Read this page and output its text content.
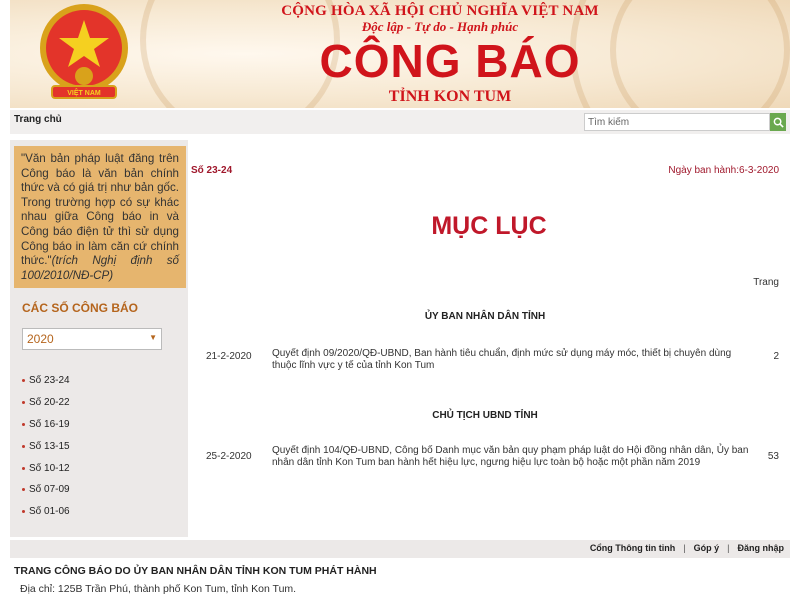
VIỆT NAM
CỘNG HÒA XÃ HỘI CHỦ NGHĨA VIỆT NAM
Độc lập - Tự do - Hạnh phúc
CÔNG BÁO
TỈNH KON TUM
Trang chủ
Tìm kiếm
"Văn bản pháp luật đăng trên Công báo là văn bản chính thức và có giá trị như bản gốc. Trong trường hợp có sự khác nhau giữa Công báo in và Công báo điện tử thì sử dụng Công báo in làm căn cứ chính thức."(trích Nghị định số 100/2010/NĐ-CP)
CÁC SỐ CÔNG BÁO
2020	▼
Số 23-24
Số 20-22
Số 16-19
Số 13-15
Số 10-12
Số 07-09
Số 01-06
Số 23-24	Ngày ban hành:6-3-2020
MỤC LỤC
Trang
ỦY BAN NHÂN DÂN TỈNH
21-2-2020 Quyết định 09/2020/QĐ-UBND, Ban hành tiêu chuẩn, định mức sử dụng máy móc, thiết bị chuyên dùng thuộc lĩnh vực y tế của tỉnh Kon Tum
2
CHỦ TỊCH UBND TỈNH
25-2-2020
Quyết định 104/QĐ-UBND, Công bố Danh mục văn bản quy phạm pháp luật do Hội đồng nhân dân, Ủy ban nhân dân tỉnh Kon Tum ban hành hết hiệu lực, ngưng hiệu lực toàn bộ hoặc một phần năm 2019
53
Cổng Thông tin tỉnh | Góp ý | Đăng nhập
TRANG CÔNG BÁO DO ỦY BAN NHÂN DÂN TỈNH KON TUM PHÁT HÀNH
Địa chỉ: 125B Trần Phú, thành phố Kon Tum, tỉnh Kon Tum.
